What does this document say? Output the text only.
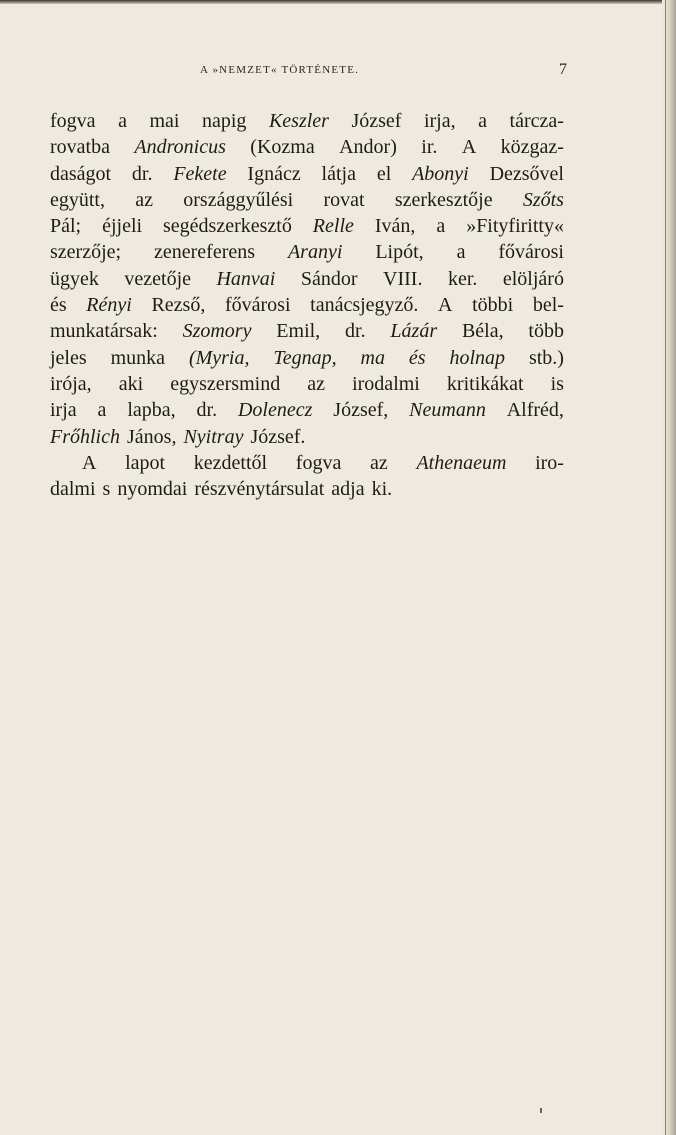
A »NEMZET« TÖRTÉNETE.	7
fogva a mai napig Keszler József irja, a tárcza-
rovatba Andronicus (Kozma Andor) ir. A közgaz-
daságot dr. Fekete Ignácz látja el Abonyi Dezsővel
együtt, az országgyűlési rovat szerkesztője Szőts
Pál; éjjeli segédszerkesztő Relle Iván, a »Fityfiritty«
szerzője; zenereferens Aranyi Lipót, a fővárosi
ügyek vezetője Hanvai Sándor VIII. ker. elöljáró
és Rényi Rezső, fővárosi tanácsjegyző. A többi bel-
munkatársak: Szomory Emil, dr. Lázár Béla, több
jeles munka (Myria, Tegnap, ma és holnap stb.)
irója, aki egyszersmind az irodalmi kritikákat is
irja a lapba, dr. Dolenecz József, Neumann Alfréd,
Frőhlich János, Nyitray József.
A lapot kezdettől fogva az Athenaeum iro-
dalmi s nyomdai részvénytársulat adja ki.
